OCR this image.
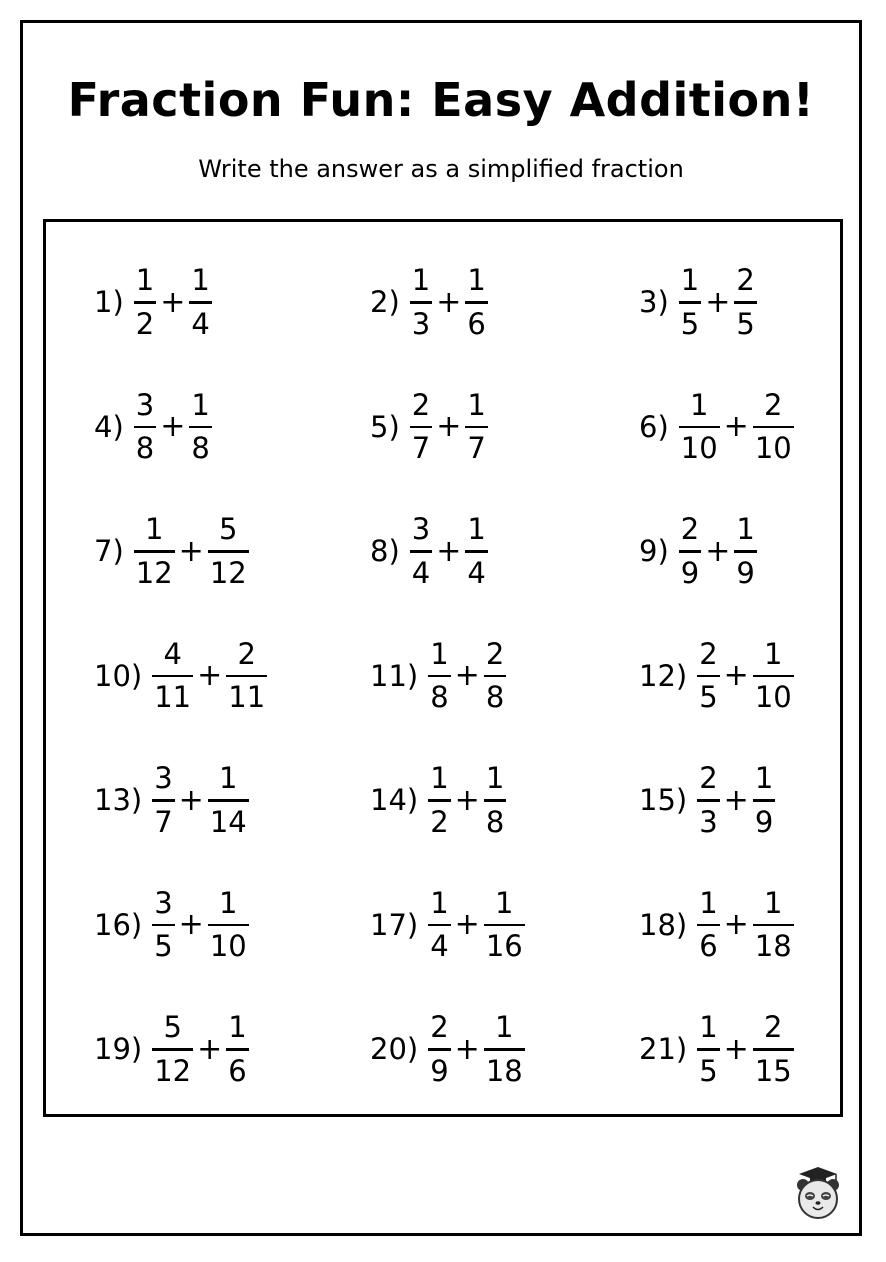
Fraction Fun: Easy Addition!
Write the answer as a simplified fraction
$1) \frac{1}{2} + \frac{1}{4}$	$2) \frac{1}{3} + \frac{1}{6}$	$3) \frac{1}{5} + \frac{2}{5}$
$4) \frac{3}{8} + \frac{1}{8}$	$5) \frac{2}{7} + \frac{1}{7}$	$6) \frac{1}{10} + \frac{2}{10}$
$7) \frac{1}{12} + \frac{5}{12}$	$8) \frac{3}{4} + \frac{1}{4}$	$9) \frac{2}{9} + \frac{1}{9}$
$10) \frac{4}{11} + \frac{2}{11}$	$11) \frac{1}{8} + \frac{2}{8}$	$12) \frac{2}{5} + \frac{1}{10}$
$13) \frac{3}{7} + \frac{1}{14}$	$14) \frac{1}{2} + \frac{1}{8}$	$15) \frac{2}{3} + \frac{1}{9}$
$16) \frac{3}{5} + \frac{1}{10}$	$17) \frac{1}{4} + \frac{1}{16}$	$18) \frac{1}{6} + \frac{1}{18}$
$19) \frac{5}{12} + \frac{1}{6}$	$20) \frac{2}{9} + \frac{1}{18}$	$21) \frac{1}{5} + \frac{2}{15}$
